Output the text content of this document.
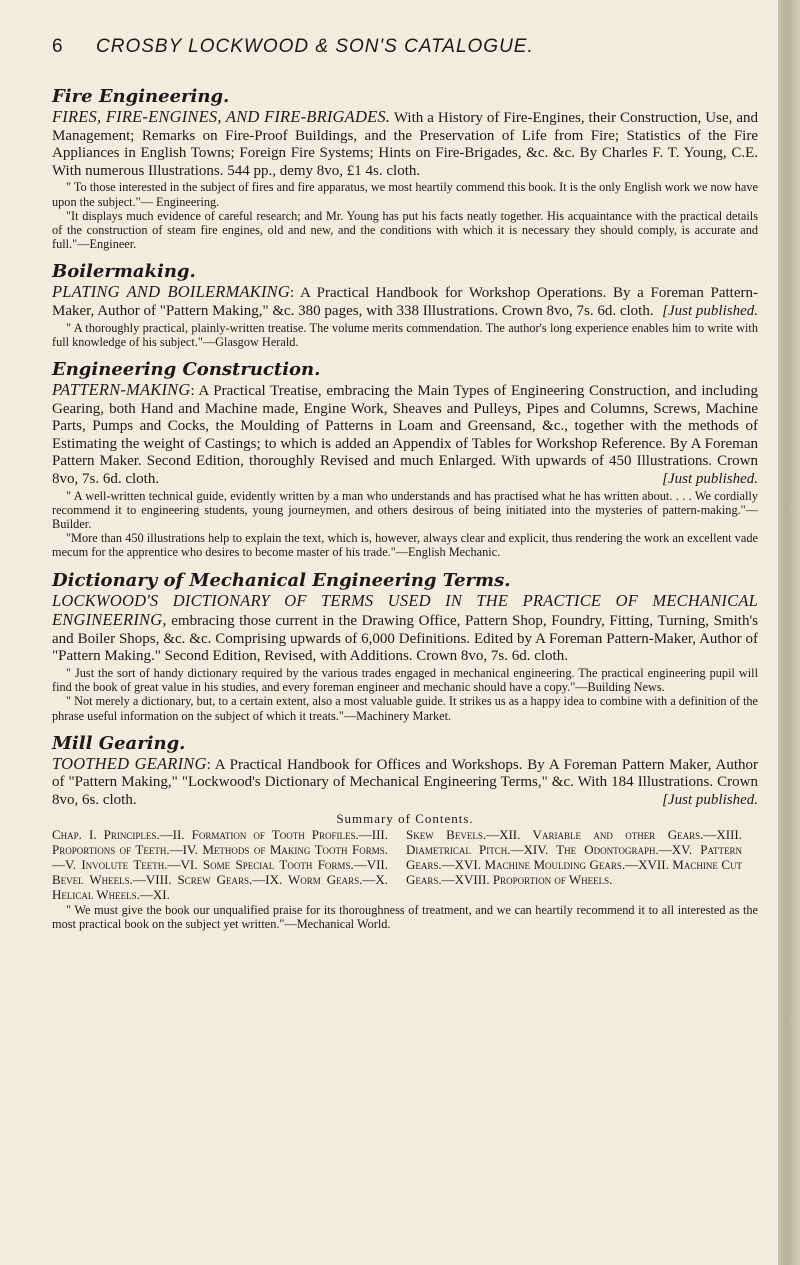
6	CROSBY LOCKWOOD & SON'S CATALOGUE.

Fire Engineering.

FIRES, FIRE-ENGINES, AND FIRE-BRIGADES. With a History of Fire-Engines, their Construction, Use, and Management; Remarks on Fire-Proof Buildings, and the Preservation of Life from Fire; Statistics of the Fire Appliances in English Towns; Foreign Fire Systems; Hints on Fire-Brigades, &c. &c. By Charles F. T. Young, C.E. With numerous Illustrations. 544 pp., demy 8vo, £1 4s. cloth.

" To those interested in the subject of fires and fire apparatus, we most heartily commend this book. It is the only English work we now have upon the subject."— Engineering.

"It displays much evidence of careful research; and Mr. Young has put his facts neatly together. His acquaintance with the practical details of the construction of steam fire engines, old and new, and the conditions with which it is necessary they should comply, is accurate and full."—Engineer.

Boilermaking.

PLATING AND BOILERMAKING: A Practical Handbook for Workshop Operations. By a Foreman Pattern-Maker, Author of "Pattern Making," &c. 380 pages, with 338 Illustrations. Crown 8vo, 7s. 6d. cloth. [Just published.

" A thoroughly practical, plainly-written treatise. The volume merits commendation. The author's long experience enables him to write with full knowledge of his subject."—Glasgow Herald.

Engineering Construction.

PATTERN-MAKING: A Practical Treatise, embracing the Main Types of Engineering Construction, and including Gearing, both Hand and Machine made, Engine Work, Sheaves and Pulleys, Pipes and Columns, Screws, Machine Parts, Pumps and Cocks, the Moulding of Patterns in Loam and Greensand, &c., together with the methods of Estimating the weight of Castings; to which is added an Appendix of Tables for Workshop Reference. By A Foreman Pattern Maker. Second Edition, thoroughly Revised and much Enlarged. With upwards of 450 Illustrations. Crown 8vo, 7s. 6d. cloth.	[Just published.

" A well-written technical guide, evidently written by a man who understands and has practised what he has written about. . . . We cordially recommend it to engineering students, young journeymen, and others desirous of being initiated into the mysteries of pattern-making."—Builder.

"More than 450 illustrations help to explain the text, which is, however, always clear and explicit, thus rendering the work an excellent vade mecum for the apprentice who desires to become master of his trade."—English Mechanic.

Dictionary of Mechanical Engineering Terms.

LOCKWOOD'S DICTIONARY OF TERMS USED IN THE PRACTICE OF MECHANICAL ENGINEERING, embracing those current in the Drawing Office, Pattern Shop, Foundry, Fitting, Turning, Smith's and Boiler Shops, &c. &c. Comprising upwards of 6,000 Definitions. Edited by A Foreman Pattern-Maker, Author of "Pattern Making." Second Edition, Revised, with Additions. Crown 8vo, 7s. 6d. cloth.

" Just the sort of handy dictionary required by the various trades engaged in mechanical engineering. The practical engineering pupil will find the book of great value in his studies, and every foreman engineer and mechanic should have a copy."—Building News.

" Not merely a dictionary, but, to a certain extent, also a most valuable guide. It strikes us as a happy idea to combine with a definition of the phrase useful information on the subject of which it treats."—Machinery Market.

Mill Gearing.

TOOTHED GEARING: A Practical Handbook for Offices and Workshops. By A Foreman Pattern Maker, Author of "Pattern Making," "Lockwood's Dictionary of Mechanical Engineering Terms," &c. With 184 Illustrations. Crown 8vo, 6s. cloth.	[Just published.

Summary of Contents.

Chap. I. Principles.—II. Formation of Tooth Profiles.—III. Proportions of Teeth.—IV. Methods of Making Tooth Forms.—V. Involute Teeth.—VI. Some Special Tooth Forms.—VII. Bevel Wheels.—VIII. Screw Gears.—IX. Worm Gears.—X. Helical Wheels.—XI.
Skew Bevels.—XII. Variable and other Gears.—XIII. Diametrical Pitch.—XIV. The Odontograph.—XV. Pattern Gears.—XVI. Machine Moulding Gears.—XVII. Machine Cut Gears.—XVIII. Proportion of Wheels.

" We must give the book our unqualified praise for its thoroughness of treatment, and we can heartily recommend it to all interested as the most practical book on the subject yet written."—Mechanical World.
